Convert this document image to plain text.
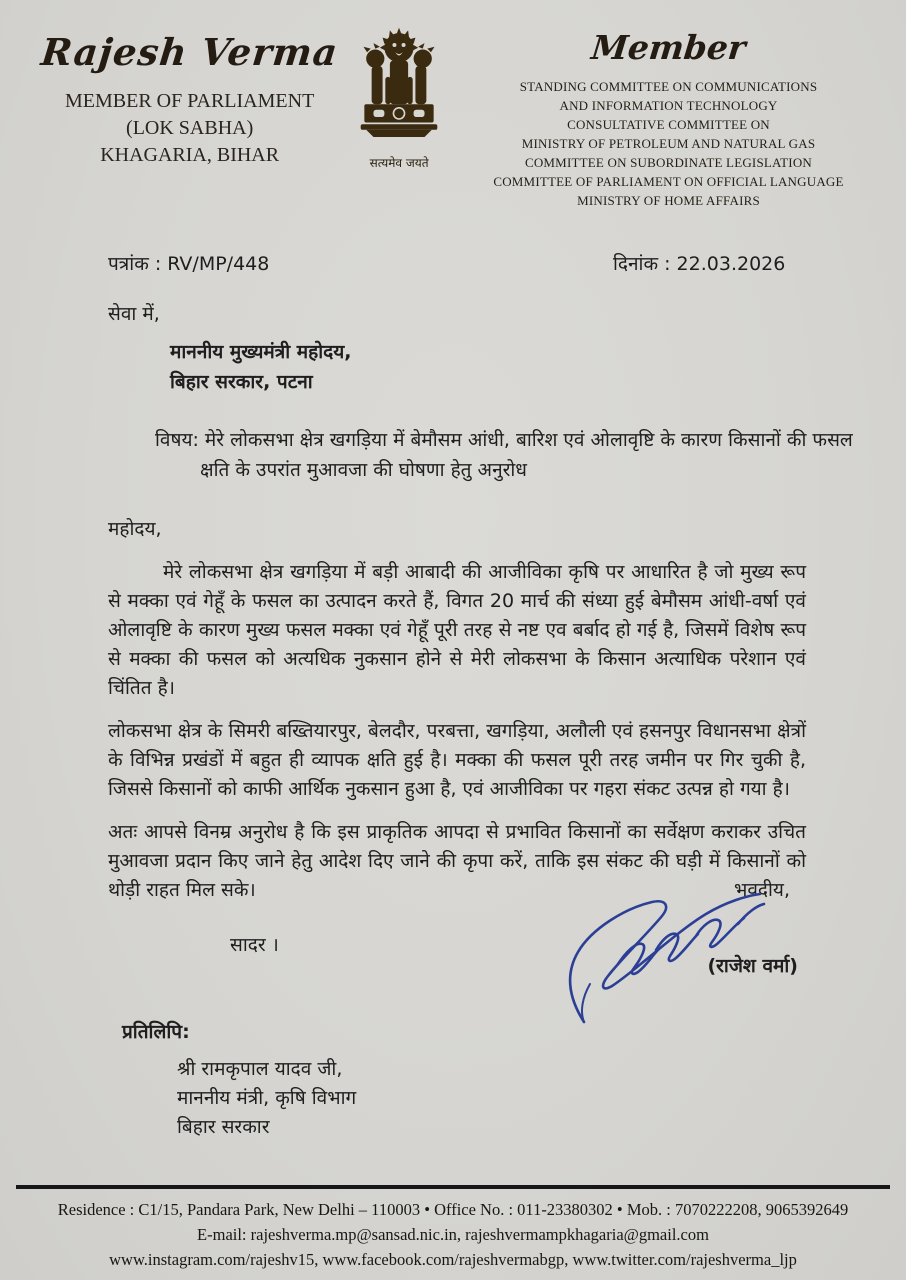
Rajesh Verma
MEMBER OF PARLIAMENT
(LOK SABHA)
KHAGARIA, BIHAR	सत्यमेव जयते
Member
STANDING COMMITTEE ON COMMUNICATIONS
AND INFORMATION TECHNOLOGY
CONSULTATIVE COMMITTEE ON
MINISTRY OF PETROLEUM AND NATURAL GAS
COMMITTEE ON SUBORDINATE LEGISLATION
COMMITTEE OF PARLIAMENT ON OFFICIAL LANGUAGE
MINISTRY OF HOME AFFAIRS
पत्रांक : RV/MP/448	दिनांक : 22.03.2026
सेवा में,
माननीय मुख्यमंत्री महोदय,
बिहार सरकार, पटना
विषय: मेरे लोकसभा क्षेत्र खगड़िया में बेमौसम आंधी, बारिश एवं ओलावृष्टि के कारण किसानों की फसल क्षति के उपरांत मुआवजा की घोषणा हेतु अनुरोध
महोदय,
मेरे लोकसभा क्षेत्र खगड़िया में बड़ी आबादी की आजीविका कृषि पर आधारित है जो मुख्य रूप से मक्का एवं गेहूँ के फसल का उत्पादन करते हैं, विगत 20 मार्च की संध्या हुई बेमौसम आंधी-वर्षा एवं ओलावृष्टि के कारण मुख्य फसल मक्का एवं गेहूँ पूरी तरह से नष्ट एव बर्बाद हो गई है, जिसमें विशेष रूप से मक्का की फसल को अत्यधिक नुकसान होने से मेरी लोकसभा के किसान अत्याधिक परेशान एवं चिंतित है।
लोकसभा क्षेत्र के सिमरी बख्तियारपुर, बेलदौर, परबत्ता, खगड़िया, अलौली एवं हसनपुर विधानसभा क्षेत्रों के विभिन्न प्रखंडों में बहुत ही व्यापक क्षति हुई है। मक्का की फसल पूरी तरह जमीन पर गिर चुकी है, जिससे किसानों को काफी आर्थिक नुकसान हुआ है, एवं आजीविका पर गहरा संकट उत्पन्न हो गया है।
अतः आपसे विनम्र अनुरोध है कि इस प्राकृतिक आपदा से प्रभावित किसानों का सर्वेक्षण कराकर उचित मुआवजा प्रदान किए जाने हेतु आदेश दिए जाने की कृपा करें, ताकि इस संकट की घड़ी में किसानों को थोड़ी राहत मिल सके।
सादर ।
भवदीय,
(राजेश वर्मा)
प्रतिलिपि:
श्री रामकृपाल यादव जी,
माननीय मंत्री, कृषि विभाग
बिहार सरकार
Residence : C1/15, Pandara Park, New Delhi – 110003 • Office No. : 011-23380302 • Mob. : 7070222208, 9065392649
E-mail: rajeshverma.mp@sansad.nic.in, rajeshvermampkhagaria@gmail.com
www.instagram.com/rajeshv15, www.facebook.com/rajeshvermabgp, www.twitter.com/rajeshverma_ljp
